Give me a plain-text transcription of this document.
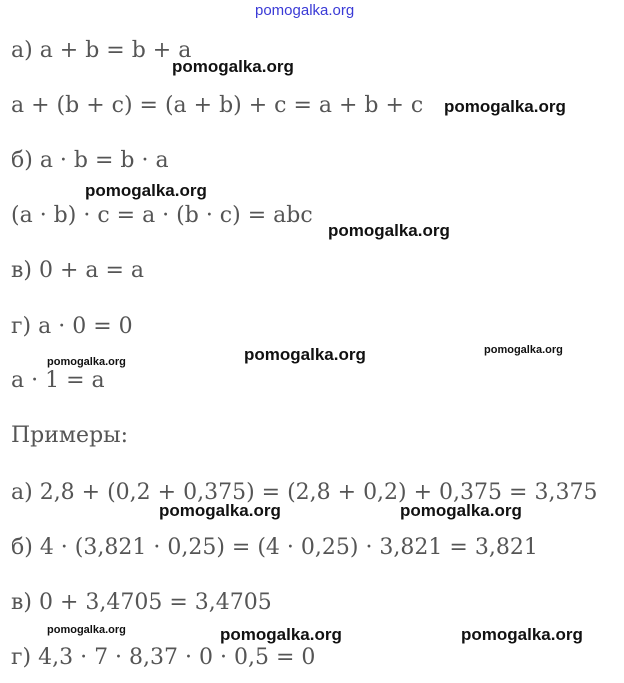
pomogalka.org
а) a + b = b + a
a + (b + c) = (a + b) + c = a + b + c
б) a · b = b · a
(a · b) · c = a · (b · c) = abc
в) 0 + a = a
г) a · 0 = 0
a · 1 = a
Примеры:
а) 2,8 + (0,2 + 0,375) = (2,8 + 0,2) + 0,375 = 3,375
б) 4 · (3,821 · 0,25) = (4 · 0,25) · 3,821 = 3,821
в) 0 + 3,4705 = 3,4705
г) 4,3 · 7 · 8,37 · 0 · 0,5 = 0
pomogalka.org
pomogalka.org
pomogalka.org
pomogalka.org
pomogalka.org
pomogalka.org
pomogalka.org
pomogalka.org	pomogalka.org
pomogalka.org	pomogalka.org	pomogalka.org
